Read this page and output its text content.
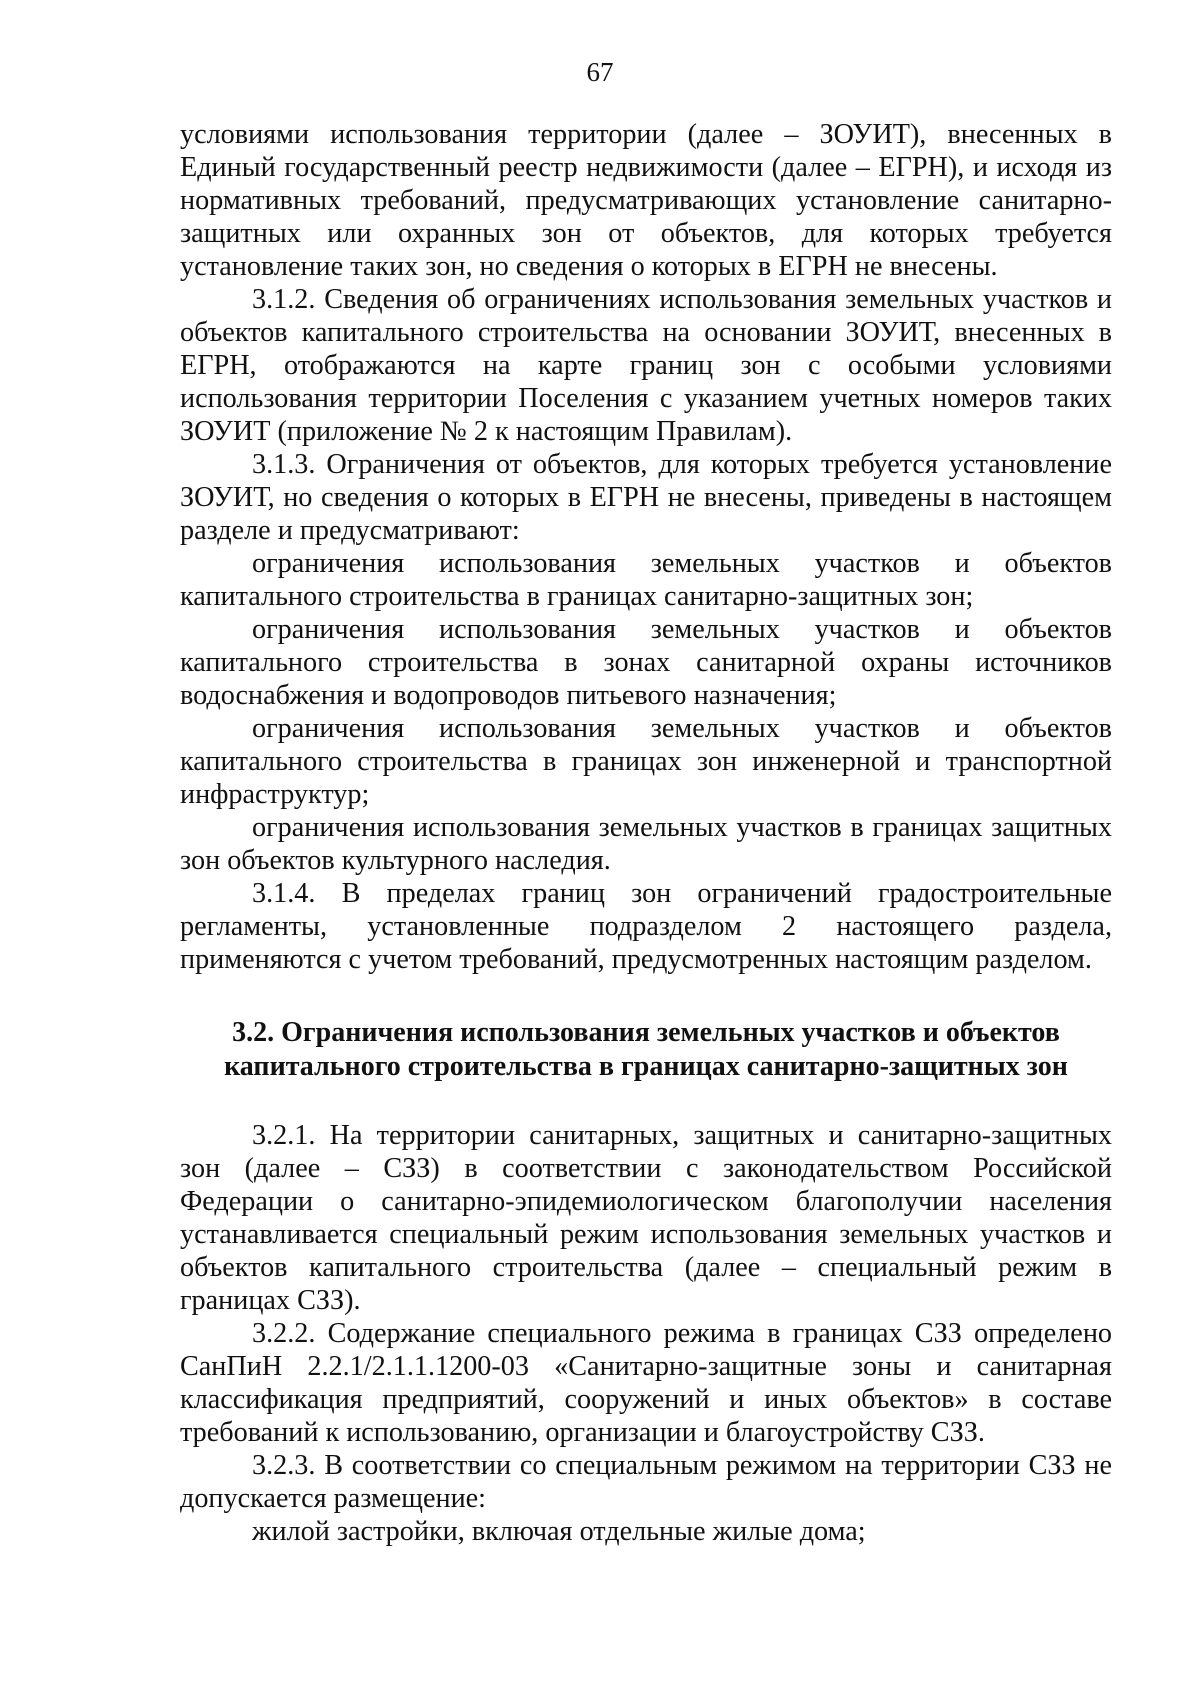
67

условиями использования территории (далее – ЗОУИТ), внесенных в Единый государственный реестр недвижимости (далее – ЕГРН), и исходя из нормативных требований, предусматривающих установление санитарно-защитных или охранных зон от объектов, для которых требуется установление таких зон, но сведения о которых в ЕГРН не внесены.

3.1.2. Сведения об ограничениях использования земельных участков и объектов капитального строительства на основании ЗОУИТ, внесенных в ЕГРН, отображаются на карте границ зон с особыми условиями использования территории Поселения с указанием учетных номеров таких ЗОУИТ (приложение № 2 к настоящим Правилам).

3.1.3. Ограничения от объектов, для которых требуется установление ЗОУИТ, но сведения о которых в ЕГРН не внесены, приведены в настоящем разделе и предусматривают:

ограничения использования земельных участков и объектов капитального строительства в границах санитарно-защитных зон;

ограничения использования земельных участков и объектов капитального строительства в зонах санитарной охраны источников водоснабжения и водопроводов питьевого назначения;

ограничения использования земельных участков и объектов капитального строительства в границах зон инженерной и транспортной инфраструктур;

ограничения использования земельных участков в границах защитных зон объектов культурного наследия.

3.1.4. В пределах границ зон ограничений градостроительные регламенты, установленные подразделом 2 настоящего раздела, применяются с учетом требований, предусмотренных настоящим разделом.

3.2. Ограничения использования земельных участков и объектов
капитального строительства в границах санитарно-защитных зон

3.2.1. На территории санитарных, защитных и санитарно-защитных зон (далее – СЗЗ) в соответствии с законодательством Российской Федерации о санитарно-эпидемиологическом благополучии населения устанавливается специальный режим использования земельных участков и объектов капитального строительства (далее – специальный режим в границах СЗЗ).

3.2.2. Содержание специального режима в границах СЗЗ определено СанПиН 2.2.1/2.1.1.1200-03 «Санитарно-защитные зоны и санитарная классификация предприятий, сооружений и иных объектов» в составе требований к использованию, организации и благоустройству СЗЗ.

3.2.3. В соответствии со специальным режимом на территории СЗЗ не допускается размещение:

жилой застройки, включая отдельные жилые дома;
